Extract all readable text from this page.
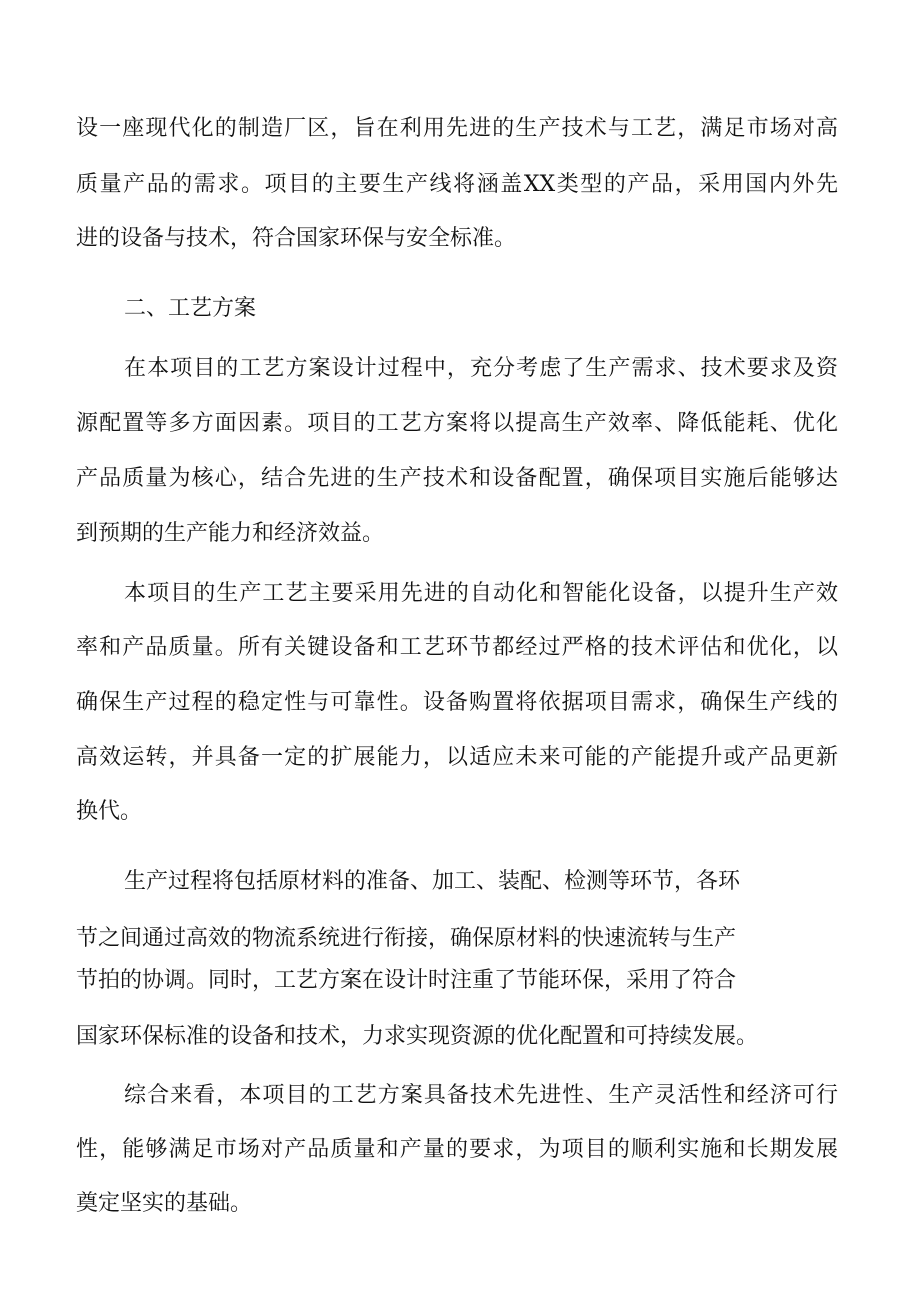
设一座现代化的制造厂区，旨在利用先进的生产技术与工艺，满足市场对高
质量产品的需求。项目的主要生产线将涵盖XX类型的产品，采用国内外先
进的设备与技术，符合国家环保与安全标准。
二、工艺方案
在本项目的工艺方案设计过程中，充分考虑了生产需求、技术要求及资
源配置等多方面因素。项目的工艺方案将以提高生产效率、降低能耗、优化
产品质量为核心，结合先进的生产技术和设备配置，确保项目实施后能够达
到预期的生产能力和经济效益。
本项目的生产工艺主要采用先进的自动化和智能化设备，以提升生产效
率和产品质量。所有关键设备和工艺环节都经过严格的技术评估和优化，以
确保生产过程的稳定性与可靠性。设备购置将依据项目需求，确保生产线的
高效运转，并具备一定的扩展能力，以适应未来可能的产能提升或产品更新
换代。
生产过程将包括原材料的准备、加工、装配、检测等环节，各环
节之间通过高效的物流系统进行衔接，确保原材料的快速流转与生产
节拍的协调。同时，工艺方案在设计时注重了节能环保，采用了符合
国家环保标准的设备和技术，力求实现资源的优化配置和可持续发展。
综合来看，本项目的工艺方案具备技术先进性、生产灵活性和经济可行
性，能够满足市场对产品质量和产量的要求，为项目的顺利实施和长期发展
奠定坚实的基础。
